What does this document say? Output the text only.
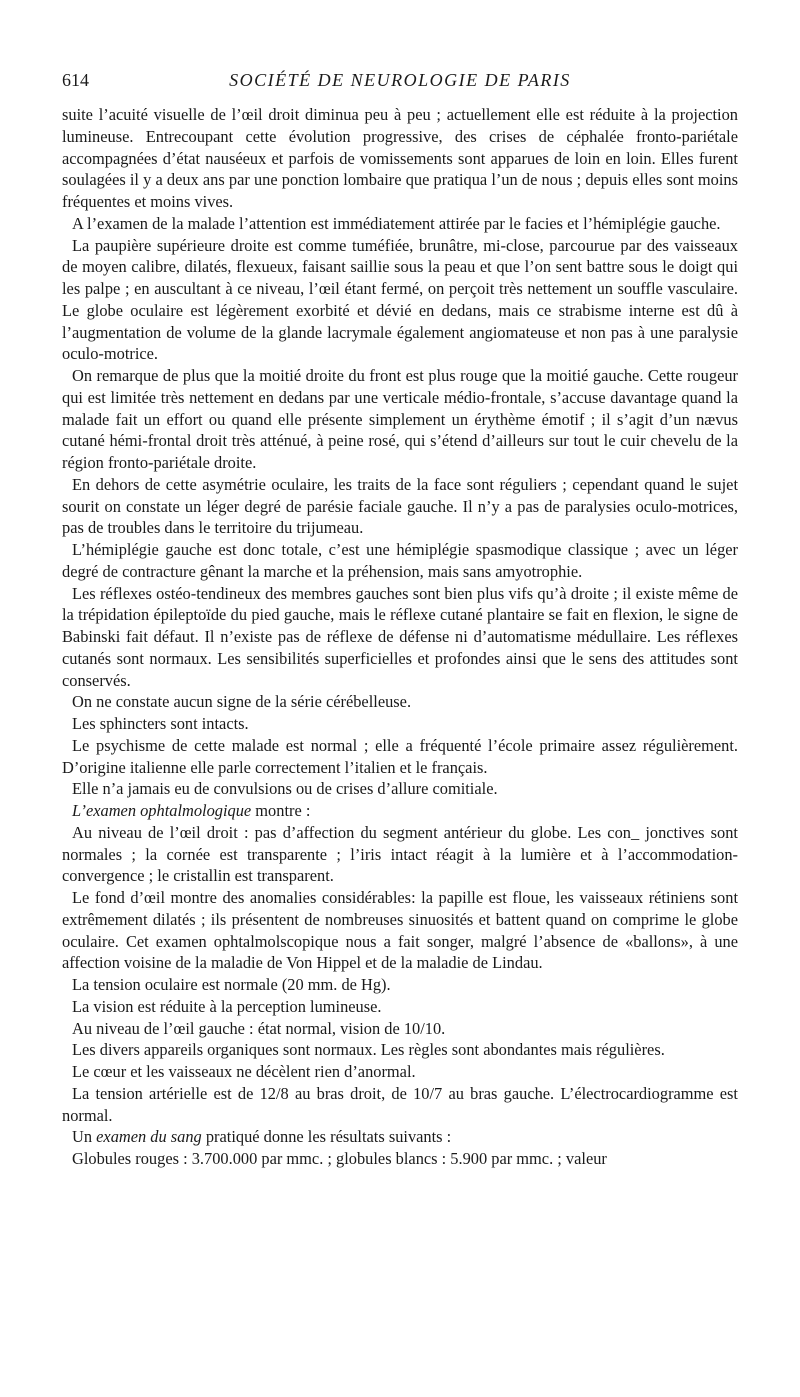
614	SOCIÉTÉ DE NEUROLOGIE DE PARIS

suite l’acuité visuelle de l’œil droit diminua peu à peu ; actuellement elle est réduite à la projection lumineuse. Entrecoupant cette évolution progressive, des crises de céphalée fronto-pariétale accompagnées d’état nauséeux et parfois de vomissements sont apparues de loin en loin. Elles furent soulagées il y a deux ans par une ponction lombaire que pratiqua l’un de nous ; depuis elles sont moins fréquentes et moins vives.

A l’examen de la malade l’attention est immédiatement attirée par le facies et l’hémiplégie gauche.

La paupière supérieure droite est comme tuméfiée, brunâtre, mi-close, parcourue par des vaisseaux de moyen calibre, dilatés, flexueux, faisant saillie sous la peau et que l’on sent battre sous le doigt qui les palpe ; en auscultant à ce niveau, l’œil étant fermé, on perçoit très nettement un souffle vasculaire. Le globe oculaire est légèrement exorbité et dévié en dedans, mais ce strabisme interne est dû à l’augmentation de volume de la glande lacrymale également angiomateuse et non pas à une paralysie oculo-motrice.

On remarque de plus que la moitié droite du front est plus rouge que la moitié gauche. Cette rougeur qui est limitée très nettement en dedans par une verticale médio-frontale, s’accuse davantage quand la malade fait un effort ou quand elle présente simplement un érythème émotif ; il s’agit d’un nævus cutané hémi-frontal droit très atténué, à peine rosé, qui s’étend d’ailleurs sur tout le cuir chevelu de la région fronto-pariétale droite.

En dehors de cette asymétrie oculaire, les traits de la face sont réguliers ; cependant quand le sujet sourit on constate un léger degré de parésie faciale gauche. Il n’y a pas de paralysies oculo-motrices, pas de troubles dans le territoire du trijumeau.

L’hémiplégie gauche est donc totale, c’est une hémiplégie spasmodique classique ; avec un léger degré de contracture gênant la marche et la préhension, mais sans amyotrophie.

Les réflexes ostéo-tendineux des membres gauches sont bien plus vifs qu’à droite ; il existe même de la trépidation épileptoïde du pied gauche, mais le réflexe cutané plantaire se fait en flexion, le signe de Babinski fait défaut. Il n’existe pas de réflexe de défense ni d’automatisme médullaire. Les réflexes cutanés sont normaux. Les sensibilités superficielles et profondes ainsi que le sens des attitudes sont conservés.

On ne constate aucun signe de la série cérébelleuse.

Les sphincters sont intacts.

Le psychisme de cette malade est normal ; elle a fréquenté l’école primaire assez régulièrement. D’origine italienne elle parle correctement l’italien et le français.

Elle n’a jamais eu de convulsions ou de crises d’allure comitiale.

L’examen ophtalmologique montre :

Au niveau de l’œil droit : pas d’affection du segment antérieur du globe. Les con_ jonctives sont normales ; la cornée est transparente ; l’iris intact réagit à la lumière et à l’accommodation-convergence ; le cristallin est transparent.

Le fond d’œil montre des anomalies considérables: la papille est floue, les vaisseaux rétiniens sont extrêmement dilatés ; ils présentent de nombreuses sinuosités et battent quand on comprime le globe oculaire. Cet examen ophtalmolscopique nous a fait songer, malgré l’absence de «ballons», à une affection voisine de la maladie de Von Hippel et de la maladie de Lindau.

La tension oculaire est normale (20 mm. de Hg).

La vision est réduite à la perception lumineuse.

Au niveau de l’œil gauche : état normal, vision de 10/10.

Les divers appareils organiques sont normaux. Les règles sont abondantes mais régulières.

Le cœur et les vaisseaux ne décèlent rien d’anormal.

La tension artérielle est de 12/8 au bras droit, de 10/7 au bras gauche. L’électrocardiogramme est normal.

Un examen du sang pratiqué donne les résultats suivants :

Globules rouges : 3.700.000 par mmc. ; globules blancs : 5.900 par mmc. ; valeur
